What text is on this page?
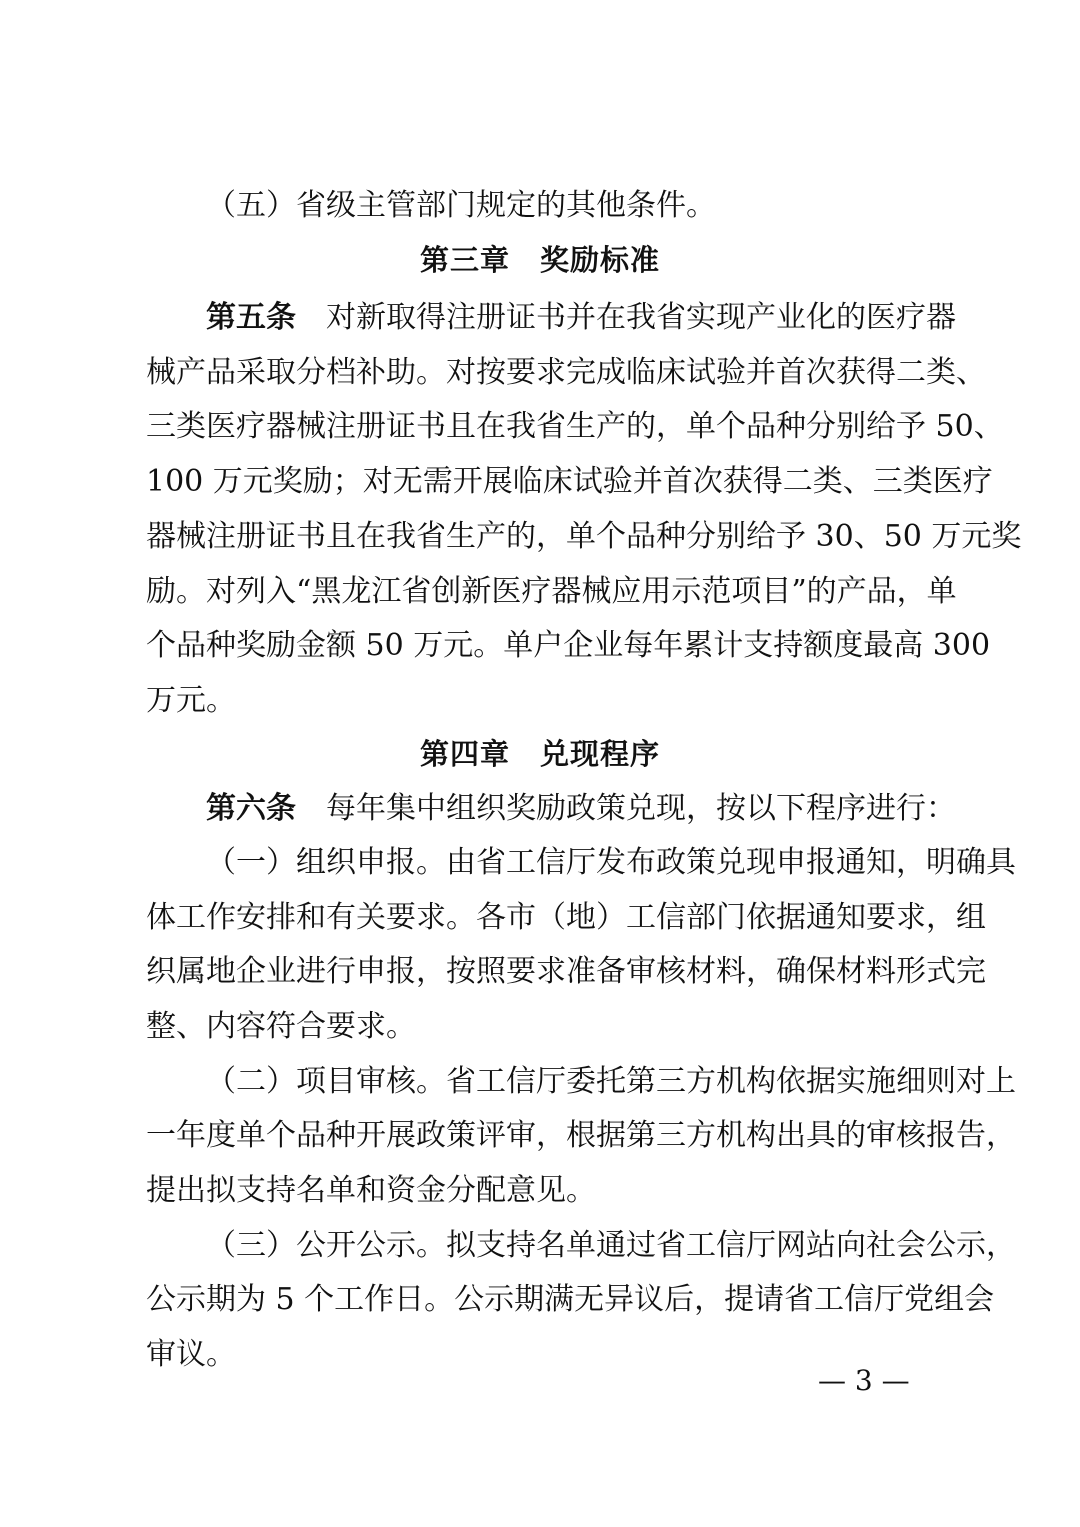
（五）省级主管部门规定的其他条件。
第三章 奖励标准
第五条 对新取得注册证书并在我省实现产业化的医疗器
械产品采取分档补助。对按要求完成临床试验并首次获得二类、
三类医疗器械注册证书且在我省生产的，单个品种分别给予 50、
100 万元奖励；对无需开展临床试验并首次获得二类、三类医疗
器械注册证书且在我省生产的，单个品种分别给予 30、50 万元奖
励。对列入“黑龙江省创新医疗器械应用示范项目”的产品，单
个品种奖励金额 50 万元。单户企业每年累计支持额度最高 300
万元。
第四章 兑现程序
第六条 每年集中组织奖励政策兑现，按以下程序进行：
（一）组织申报。由省工信厅发布政策兑现申报通知，明确具
体工作安排和有关要求。各市（地）工信部门依据通知要求，组
织属地企业进行申报，按照要求准备审核材料，确保材料形式完
整、内容符合要求。
（二）项目审核。省工信厅委托第三方机构依据实施细则对上
一年度单个品种开展政策评审，根据第三方机构出具的审核报告，
提出拟支持名单和资金分配意见。
（三）公开公示。拟支持名单通过省工信厅网站向社会公示，
公示期为 5 个工作日。公示期满无异议后，提请省工信厅党组会
审议。
— 3 —
